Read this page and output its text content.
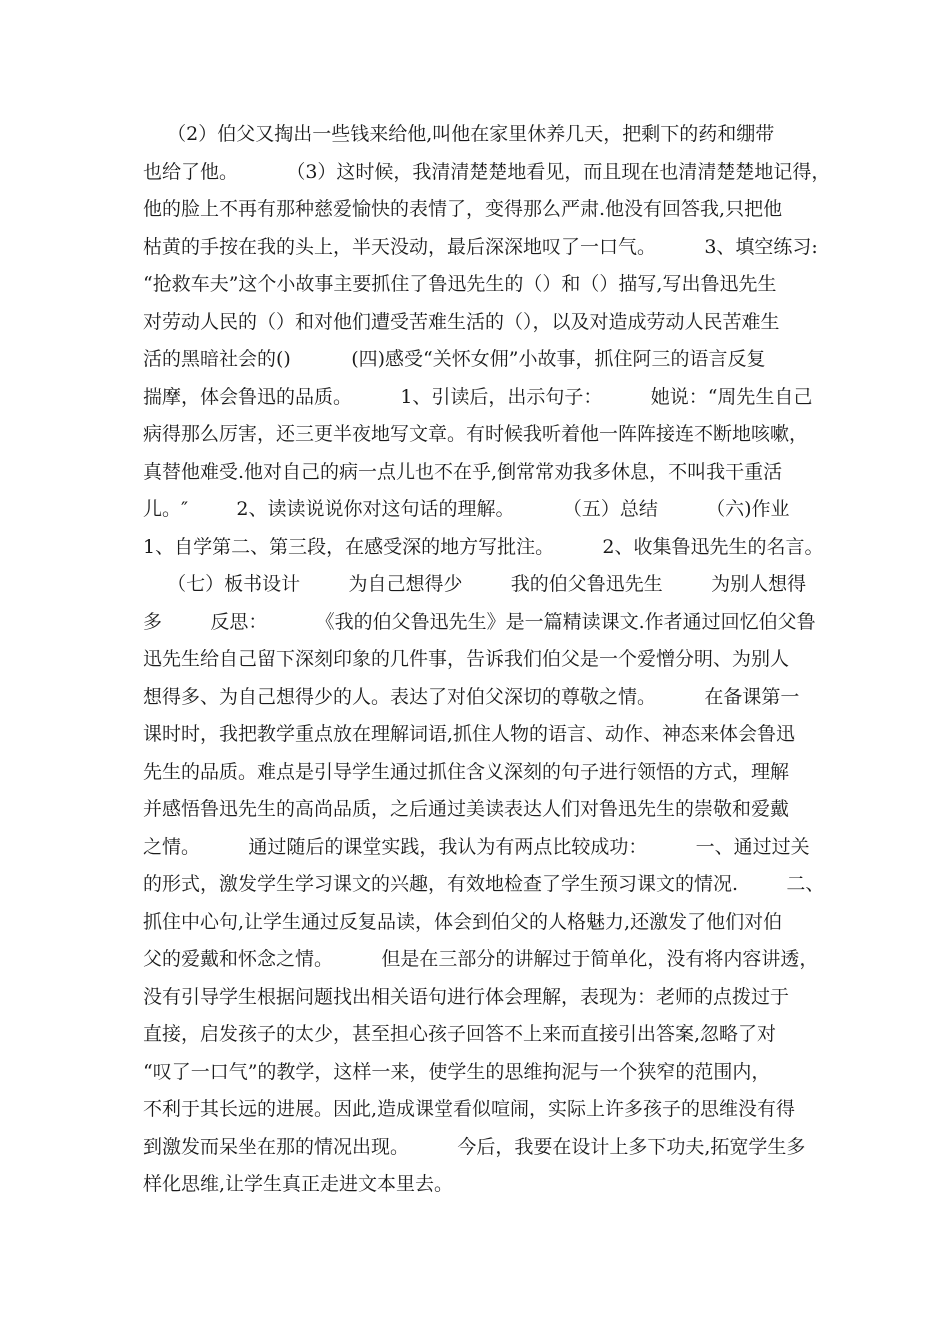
（2）伯父又掏出一些钱来给他,叫他在家里休养几天，把剩下的药和绷带
也给了他。        （3）这时候，我清清楚楚地看见，而且现在也清清楚楚地记得，
他的脸上不再有那种慈爱愉快的表情了，变得那么严肃.他没有回答我,只把他
枯黄的手按在我的头上，半天没动，最后深深地叹了一口气。        3、填空练习:
“抢救车夫”这个小故事主要抓住了鲁迅先生的（）和（）描写,写出鲁迅先生
对劳动人民的（）和对他们遭受苦难生活的（），以及对造成劳动人民苦难生
活的黑暗社会的()          (四)感受“关怀女佣”小故事，抓住阿三的语言反复
揣摩，体会鲁迅的品质。        1、引读后，出示句子：        她说：“周先生自己
病得那么厉害，还三更半夜地写文章。有时候我听着他一阵阵接连不断地咳嗽，
真替他难受.他对自己的病一点儿也不在乎,倒常常劝我多休息，不叫我干重活
儿。″        2、读读说说你对这句话的理解。        （五）总结        （六)作业
1、自学第二、第三段，在感受深的地方写批注。        2、收集鲁迅先生的名言。
（七）板书设计        为自己想得少        我的伯父鲁迅先生        为别人想得
多        反思：        《我的伯父鲁迅先生》是一篇精读课文.作者通过回忆伯父鲁
迅先生给自己留下深刻印象的几件事，告诉我们伯父是一个爱憎分明、为别人
想得多、为自己想得少的人。表达了对伯父深切的尊敬之情。        在备课第一
课时时，我把教学重点放在理解词语,抓住人物的语言、动作、神态来体会鲁迅
先生的品质。难点是引导学生通过抓住含义深刻的句子进行领悟的方式，理解
并感悟鲁迅先生的高尚品质，之后通过美读表达人们对鲁迅先生的崇敬和爱戴
之情。        通过随后的课堂实践，我认为有两点比较成功：        一、通过过关
的形式，激发学生学习课文的兴趣，有效地检查了学生预习课文的情况.        二、
抓住中心句,让学生通过反复品读，体会到伯父的人格魅力,还激发了他们对伯
父的爱戴和怀念之情。        但是在三部分的讲解过于简单化，没有将内容讲透，
没有引导学生根据问题找出相关语句进行体会理解，表现为：老师的点拨过于
直接，启发孩子的太少，甚至担心孩子回答不上来而直接引出答案,忽略了对
“叹了一口气”的教学，这样一来，使学生的思维拘泥与一个狭窄的范围内，
不利于其长远的进展。因此,造成课堂看似喧闹，实际上许多孩子的思维没有得
到激发而呆坐在那的情况出现。        今后，我要在设计上多下功夫,拓宽学生多
样化思维,让学生真正走进文本里去。
